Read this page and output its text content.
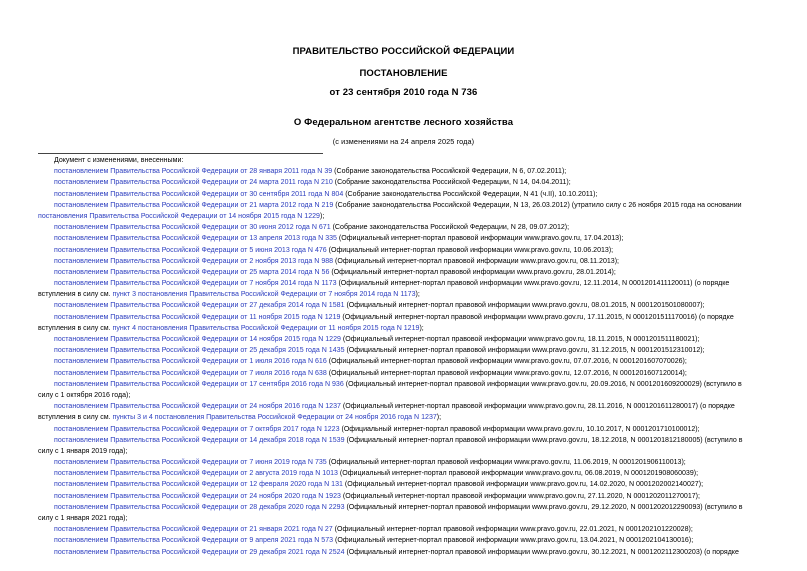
ПРАВИТЕЛЬСТВО РОССИЙСКОЙ ФЕДЕРАЦИИ
ПОСТАНОВЛЕНИЕ
от 23 сентября 2010 года N 736
О Федеральном агентстве лесного хозяйства
(с изменениями на 24 апреля 2025 года)
Документ с изменениями, внесенными:
постановлением Правительства Российской Федерации от 28 января 2011 года N 39 (Собрание законодательства Российской Федерации, N 6, 07.02.2011);
постановлением Правительства Российской Федерации от 24 марта 2011 года N 210 (Собрание законодательства Российской Федерации, N 14, 04.04.2011);
постановлением Правительства Российской Федерации от 30 сентября 2011 года N 804 (Собрание законодательства Российской Федерации, N 41 (ч.II), 10.10.2011);
постановлением Правительства Российской Федерации от 21 марта 2012 года N 219 (Собрание законодательства Российской Федерации, N 13, 26.03.2012) (утратило силу с 26 ноября 2015 года на основании
постановления Правительства Российской Федерации от 14 ноября 2015 года N 1229);
постановлением Правительства Российской Федерации от 30 июня 2012 года N 671 (Собрание законодательства Российской Федерации, N 28, 09.07.2012);
постановлением Правительства Российской Федерации от 13 апреля 2013 года N 335 (Официальный интернет-портал правовой информации www.pravo.gov.ru, 17.04.2013);
постановлением Правительства Российской Федерации от 5 июня 2013 года N 476 (Официальный интернет-портал правовой информации www.pravo.gov.ru, 10.06.2013);
постановлением Правительства Российской Федерации от 2 ноября 2013 года N 988 (Официальный интернет-портал правовой информации www.pravo.gov.ru, 08.11.2013);
постановлением Правительства Российской Федерации от 25 марта 2014 года N 56 (Официальный интернет-портал правовой информации www.pravo.gov.ru, 28.01.2014);
постановлением Правительства Российской Федерации от 7 ноября 2014 года N 1173 (Официальный интернет-портал правовой информации www.pravo.gov.ru, 12.11.2014, N 0001201411120011) (о порядке
вступления в силу см. пункт 3 постановления Правительства Российской Федерации от 7 ноября 2014 года N 1173);
постановлением Правительства Российской Федерации от 27 декабря 2014 года N 1581 (Официальный интернет-портал правовой информации www.pravo.gov.ru, 08.01.2015, N 0001201501080007);
постановлением Правительства Российской Федерации от 11 ноября 2015 года N 1219 (Официальный интернет-портал правовой информации www.pravo.gov.ru, 17.11.2015, N 0001201511170016) (о порядке
вступления в силу см. пункт 4 постановления Правительства Российской Федерации от 11 ноября 2015 года N 1219);
постановлением Правительства Российской Федерации от 14 ноября 2015 года N 1229 (Официальный интернет-портал правовой информации www.pravo.gov.ru, 18.11.2015, N 0001201511180021);
постановлением Правительства Российской Федерации от 25 декабря 2015 года N 1435 (Официальный интернет-портал правовой информации www.pravo.gov.ru, 31.12.2015, N 0001201512310012);
постановлением Правительства Российской Федерации от 1 июля 2016 года N 616 (Официальный интернет-портал правовой информации www.pravo.gov.ru, 07.07.2016, N 0001201607070026);
постановлением Правительства Российской Федерации от 7 июля 2016 года N 638 (Официальный интернет-портал правовой информации www.pravo.gov.ru, 12.07.2016, N 0001201607120014);
постановлением Правительства Российской Федерации от 17 сентября 2016 года N 936 (Официальный интернет-портал правовой информации www.pravo.gov.ru, 20.09.2016, N 0001201609200029) (вступило в
силу с 1 октября 2016 года);
постановлением Правительства Российской Федерации от 24 ноября 2016 года N 1237 (Официальный интернет-портал правовой информации www.pravo.gov.ru, 28.11.2016, N 0001201611280017) (о порядке
вступления в силу см. пункты 3 и 4 постановления Правительства Российской Федерации от 24 ноября 2016 года N 1237);
постановлением Правительства Российской Федерации от 7 октября 2017 года N 1223 (Официальный интернет-портал правовой информации www.pravo.gov.ru, 10.10.2017, N 0001201710100012);
постановлением Правительства Российской Федерации от 14 декабря 2018 года N 1539 (Официальный интернет-портал правовой информации www.pravo.gov.ru, 18.12.2018, N 0001201812180005) (вступило в
силу с 1 января 2019 года);
постановлением Правительства Российской Федерации от 7 июня 2019 года N 735 (Официальный интернет-портал правовой информации www.pravo.gov.ru, 11.06.2019, N 0001201906110013);
постановлением Правительства Российской Федерации от 2 августа 2019 года N 1013 (Официальный интернет-портал правовой информации www.pravo.gov.ru, 06.08.2019, N 0001201908060039);
постановлением Правительства Российской Федерации от 12 февраля 2020 года N 131 (Официальный интернет-портал правовой информации www.pravo.gov.ru, 14.02.2020, N 0001202002140027);
постановлением Правительства Российской Федерации от 24 ноября 2020 года N 1923 (Официальный интернет-портал правовой информации www.pravo.gov.ru, 27.11.2020, N 0001202011270017);
постановлением Правительства Российской Федерации от 28 декабря 2020 года N 2293 (Официальный интернет-портал правовой информации www.pravo.gov.ru, 29.12.2020, N 0001202012290093) (вступило в
силу с 1 января 2021 года);
постановлением Правительства Российской Федерации от 21 января 2021 года N 27 (Официальный интернет-портал правовой информации www.pravo.gov.ru, 22.01.2021, N 0001202101220028);
постановлением Правительства Российской Федерации от 9 апреля 2021 года N 573 (Официальный интернет-портал правовой информации www.pravo.gov.ru, 13.04.2021, N 0001202104130016);
постановлением Правительства Российской Федерации от 29 декабря 2021 года N 2524 (Официальный интернет-портал правовой информации www.pravo.gov.ru, 30.12.2021, N 0001202112300203) (о порядке
